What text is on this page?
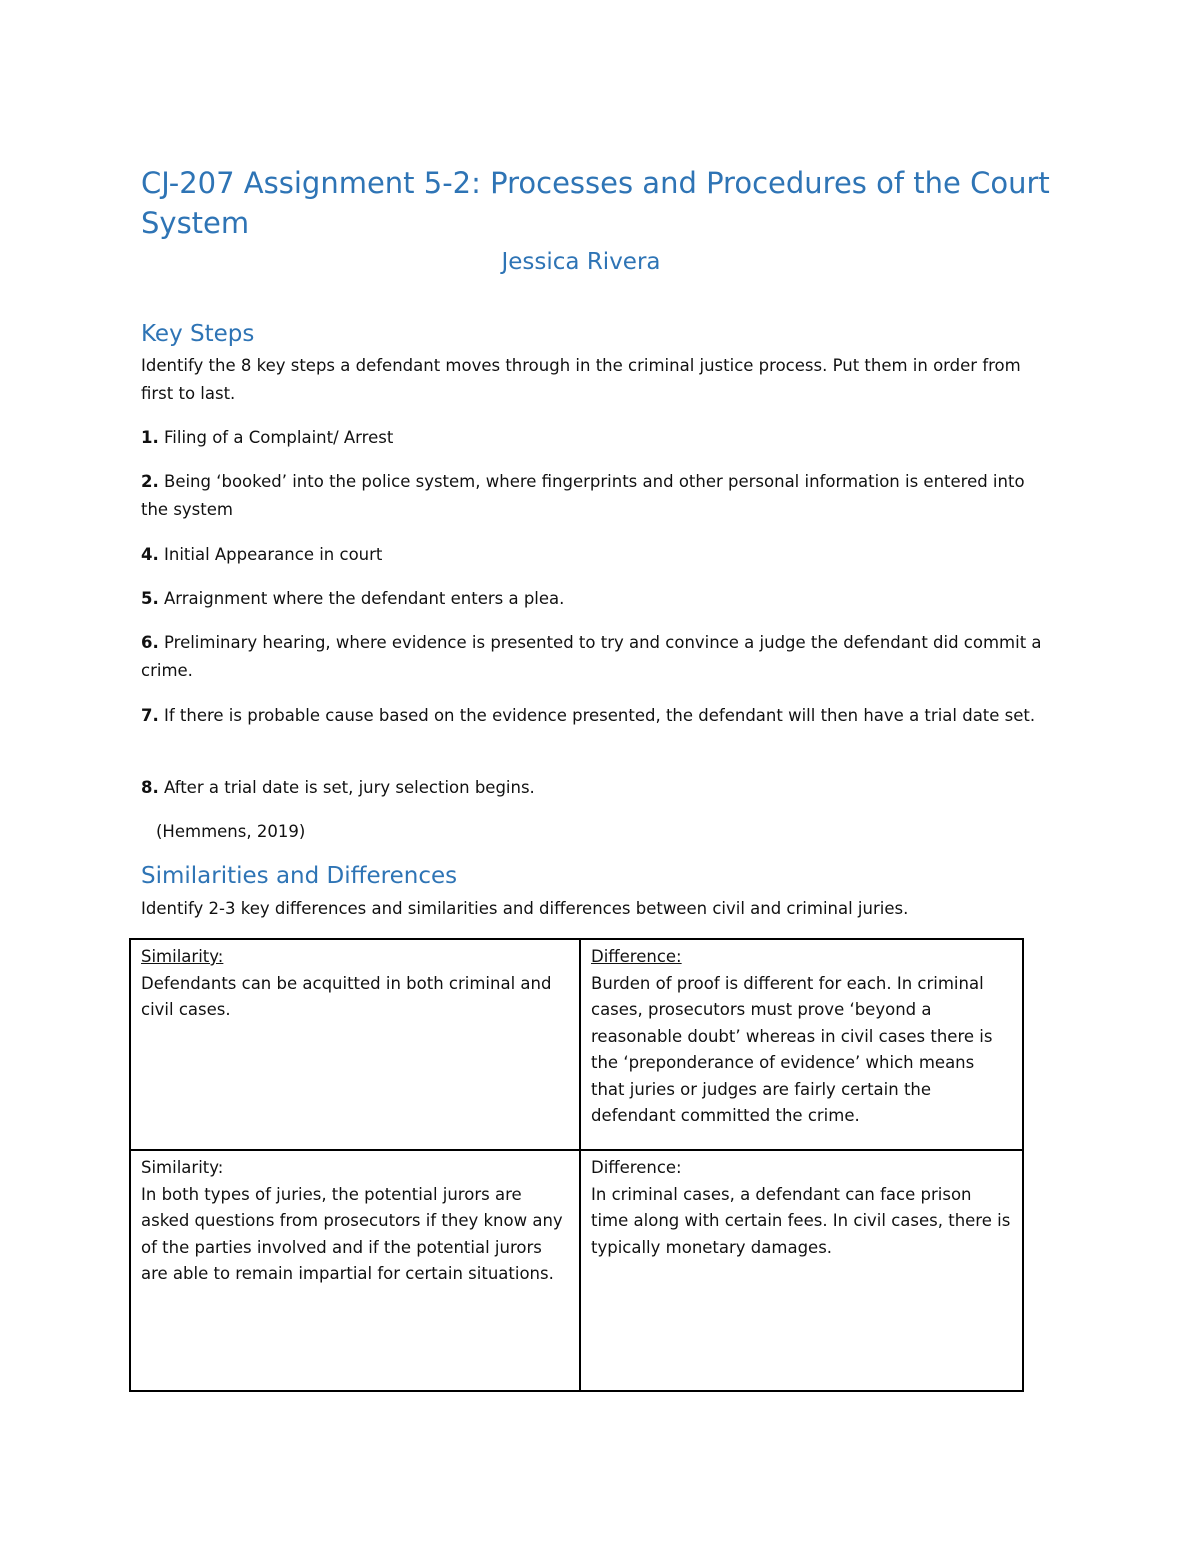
CJ-207 Assignment 5-2: Processes and Procedures of the Court System

Jessica Rivera

Key Steps

Identify the 8 key steps a defendant moves through in the criminal justice process. Put them in order from first to last.

1. Filing of a Complaint/ Arrest

2. Being ‘booked’ into the police system, where fingerprints and other personal information is entered into the system

4. Initial Appearance in court

5. Arraignment where the defendant enters a plea.

6. Preliminary hearing, where evidence is presented to try and convince a judge the defendant did commit a crime.

7. If there is probable cause based on the evidence presented, the defendant will then have a trial date set.

8. After a trial date is set, jury selection begins.

(Hemmens, 2019)

Similarities and Differences

Identify 2-3 key differences and similarities and differences between civil and criminal juries.

Similarity:
Defendants can be acquitted in both criminal and civil cases.	Difference:
Burden of proof is different for each. In criminal cases, prosecutors must prove ‘beyond a reasonable doubt’ whereas in civil cases there is the ‘preponderance of evidence’ which means that juries or judges are fairly certain the defendant committed the crime.

Similarity:
In both types of juries, the potential jurors are asked questions from prosecutors if they know any of the parties involved and if the potential jurors are able to remain impartial for certain situations.	Difference:
In criminal cases, a defendant can face prison time along with certain fees. In civil cases, there is typically monetary damages.
